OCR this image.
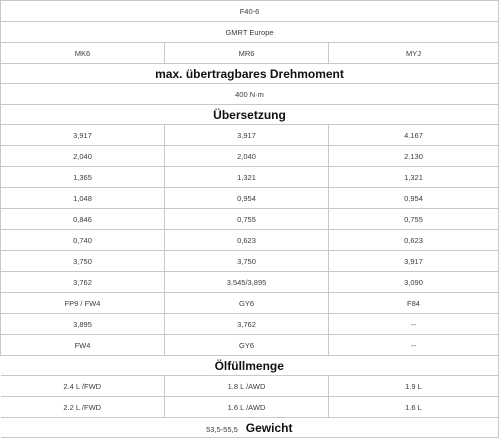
F40-6		
GMRT Europe		
MK6	MR6	MYJ
max. übertragbares Drehmoment		
400 N·m		
Übersetzung		
3,917	3,917	4.167
2,040	2,040	2.130
1,365	1,321	1,321
1,048	0,954	0,954
0,846	0,755	0,755
0,740	0,623	0,623
3,750	3,750	3,917
3,762	3.545/3,895	3,090
FP9 / FW4	GY6	F84
3,895	3,762	--
FW4	GY6	--
Ölfüllmenge		
2.4 L /FWD	1.8 L /AWD	1.9 L
2.2 L /FWD	1.6 L /AWD	1.6 L
53,5-55,5 Gewicht		
